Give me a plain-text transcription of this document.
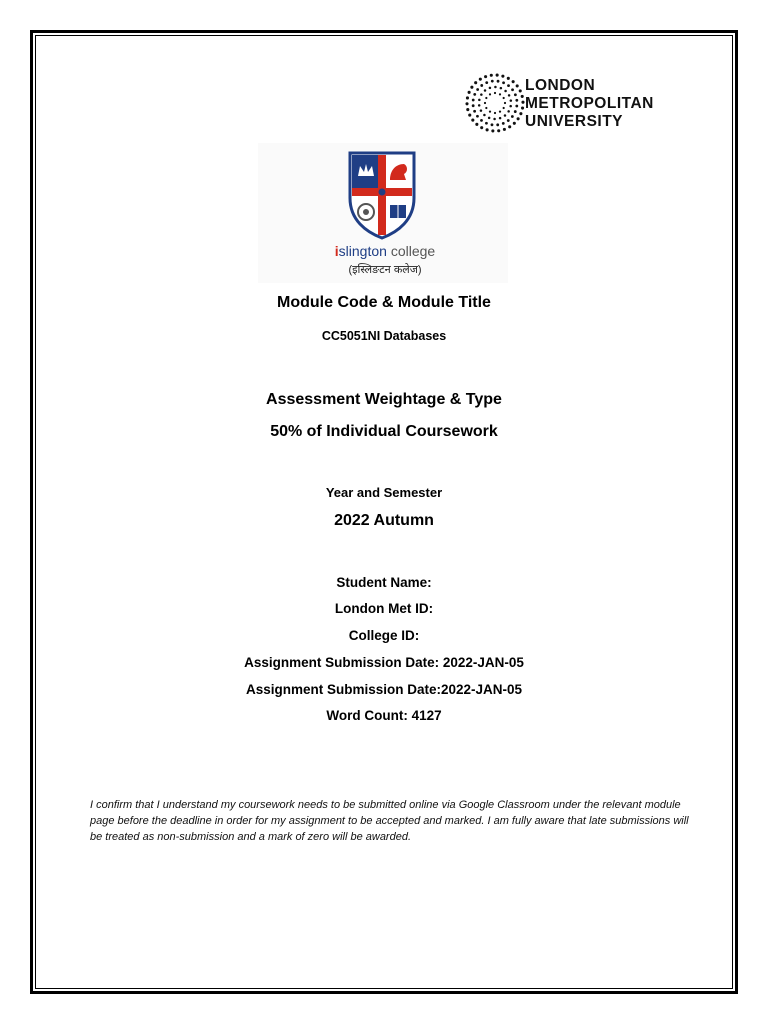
LONDON
METROPOLITAN
UNIVERSITY
islington college
(इस्लिङटन कलेज)
Module Code & Module Title
CC5051NI Databases
Assessment Weightage & Type
50% of Individual Coursework
Year and Semester
2022 Autumn
Student Name:
London Met ID:
College ID:
Assignment Submission Date: 2022-JAN-05
Assignment Submission Date:2022-JAN-05
Word Count: 4127
I confirm that I understand my coursework needs to be submitted online via Google Classroom under the relevant module page before the deadline in order for my assignment to be accepted and marked. I am fully aware that late submissions will be treated as non-submission and a mark of zero will be awarded.
